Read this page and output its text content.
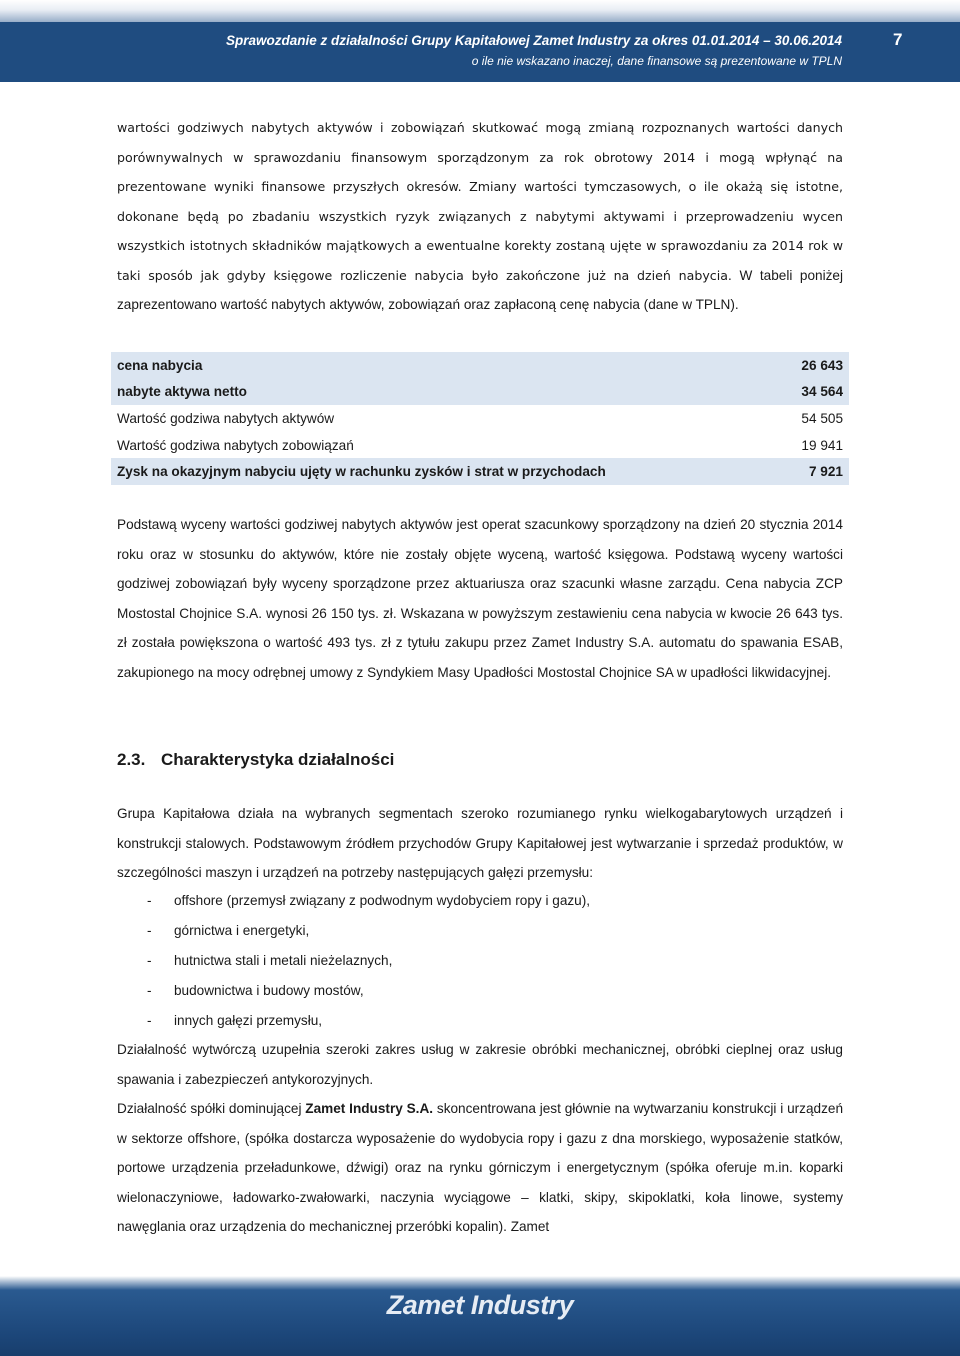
Sprawozdanie z działalności Grupy Kapitałowej Zamet Industry za okres 01.01.2014 – 30.06.2014
o ile nie wskazano inaczej, dane finansowe są prezentowane w TPLN
7
wartości godziwych nabytych aktywów i zobowiązań skutkować mogą zmianą rozpoznanych wartości danych porównywalnych w sprawozdaniu finansowym sporządzonym za rok obrotowy 2014 i mogą wpłynąć na prezentowane wyniki finansowe przyszłych okresów. Zmiany wartości tymczasowych, o ile okażą się istotne, dokonane będą po zbadaniu wszystkich ryzyk związanych z nabytymi aktywami i przeprowadzeniu wycen wszystkich istotnych składników majątkowych a ewentualne korekty zostaną ujęte w sprawozdaniu za 2014 rok w taki sposób jak gdyby księgowe rozliczenie nabycia było zakończone już na dzień nabycia. W tabeli poniżej zaprezentowano wartość nabytych aktywów, zobowiązań oraz zapłaconą cenę nabycia (dane w TPLN).
cena nabycia	26 643
nabyte aktywa netto	34 564
Wartość godziwa nabytych aktywów	54 505
Wartość godziwa nabytych zobowiązań	19 941
Zysk na okazyjnym nabyciu ujęty w rachunku zysków i strat w przychodach	7 921
Podstawą wyceny wartości godziwej nabytych aktywów jest operat szacunkowy sporządzony na dzień 20 stycznia 2014 roku oraz w stosunku do aktywów, które nie zostały objęte wyceną, wartość księgowa. Podstawą wyceny wartości godziwej zobowiązań były wyceny sporządzone przez aktuariusza oraz szacunki własne zarządu. Cena nabycia ZCP Mostostal Chojnice S.A. wynosi 26 150 tys. zł. Wskazana w powyższym zestawieniu cena nabycia w kwocie 26 643 tys. zł została powiększona o wartość 493 tys. zł z tytułu zakupu przez Zamet Industry S.A. automatu do spawania ESAB, zakupionego na mocy odrębnej umowy z Syndykiem Masy Upadłości Mostostal Chojnice SA w upadłości likwidacyjnej.
2.3. Charakterystyka działalności
Grupa Kapitałowa działa na wybranych segmentach szeroko rozumianego rynku wielkogabarytowych urządzeń i konstrukcji stalowych. Podstawowym źródłem przychodów Grupy Kapitałowej jest wytwarzanie i sprzedaż produktów, w szczególności maszyn i urządzeń na potrzeby następujących gałęzi przemysłu:
- offshore (przemysł związany z podwodnym wydobyciem ropy i gazu),
- górnictwa i energetyki,
- hutnictwa stali i metali nieżelaznych,
- budownictwa i budowy mostów,
- innych gałęzi przemysłu,
Działalność wytwórczą uzupełnia szeroki zakres usług w zakresie obróbki mechanicznej, obróbki cieplnej oraz usług spawania i zabezpieczeń antykorozyjnych.
Działalność spółki dominującej Zamet Industry S.A. skoncentrowana jest głównie na wytwarzaniu konstrukcji i urządzeń w sektorze offshore, (spółka dostarcza wyposażenie do wydobycia ropy i gazu z dna morskiego, wyposażenie statków, portowe urządzenia przeładunkowe, dźwigi) oraz na rynku górniczym i energetycznym (spółka oferuje m.in. koparki wielonaczyniowe, ładowarko-zwałowarki, naczynia wyciągowe – klatki, skipy, skipoklatki, koła linowe, systemy nawęglania oraz urządzenia do mechanicznej przeróbki kopalin). Zamet
Zamet Industry
